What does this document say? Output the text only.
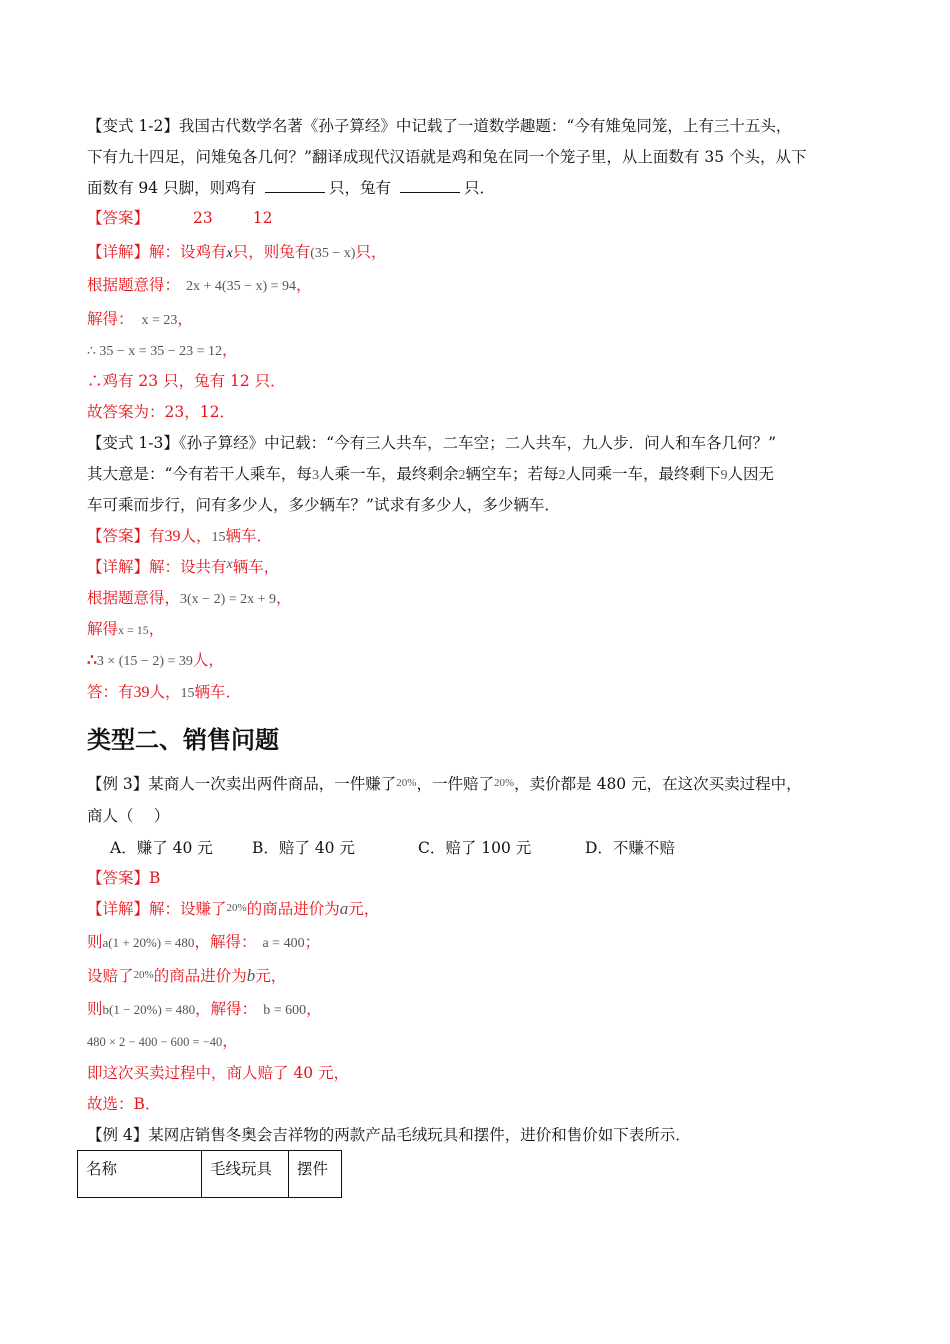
【变式 1-2】我国古代数学名著《孙子算经》中记载了一道数学趣题：“今有雉兔同笼，上有三十五头，
下有九十四足，问雉兔各几何？”翻译成现代汉语就是鸡和兔在同一个笼子里，从上面数有 35 个头，从下
面数有 94 只脚，则鸡有	只，兔有	只．
【答案】	23	12
【详解】解：设鸡有x只，则兔有(35 − x)只，
根据题意得： 2x + 4(35 − x) = 94，
解得： x = 23，
∴ 35 − x = 35 − 23 = 12，
∴鸡有 23 只，兔有 12 只．
故答案为：23，12．
【变式 1-3】《孙子算经》中记载：“今有三人共车，二车空；二人共车，九人步．问人和车各几何？”
其大意是：“今有若干人乘车，每3人乘一车，最终剩余2辆空车；若每2人同乘一车，最终剩下9人因无
车可乘而步行，问有多少人，多少辆车？”试求有多少人，多少辆车．
【答案】有39人，15辆车．
【详解】解：设共有x辆车，
根据题意得，3(x − 2) = 2x + 9，
解得x = 15，
∴3 × (15 − 2) = 39人，
答：有39人，15辆车．
类型二、销售问题
【例 3】某商人一次卖出两件商品，一件赚了20%，一件赔了20%，卖价都是 480 元，在这次买卖过程中，
商人（　 ）
A．赚了 40 元	B．赔了 40 元	C．赔了 100 元	D．不赚不赔
【答案】B
【详解】解：设赚了20%的商品进价为a元，
则a(1 + 20%) = 480，解得： a = 400；
设赔了20%的商品进价为b元，
则b(1 − 20%) = 480，解得： b = 600，
480 × 2 − 400 − 600 = −40，
即这次买卖过程中，商人赔了 40 元，
故选：B．
【例 4】某网店销售冬奥会吉祥物的两款产品毛绒玩具和摆件，进价和售价如下表所示．
名称	毛线玩具	摆件
